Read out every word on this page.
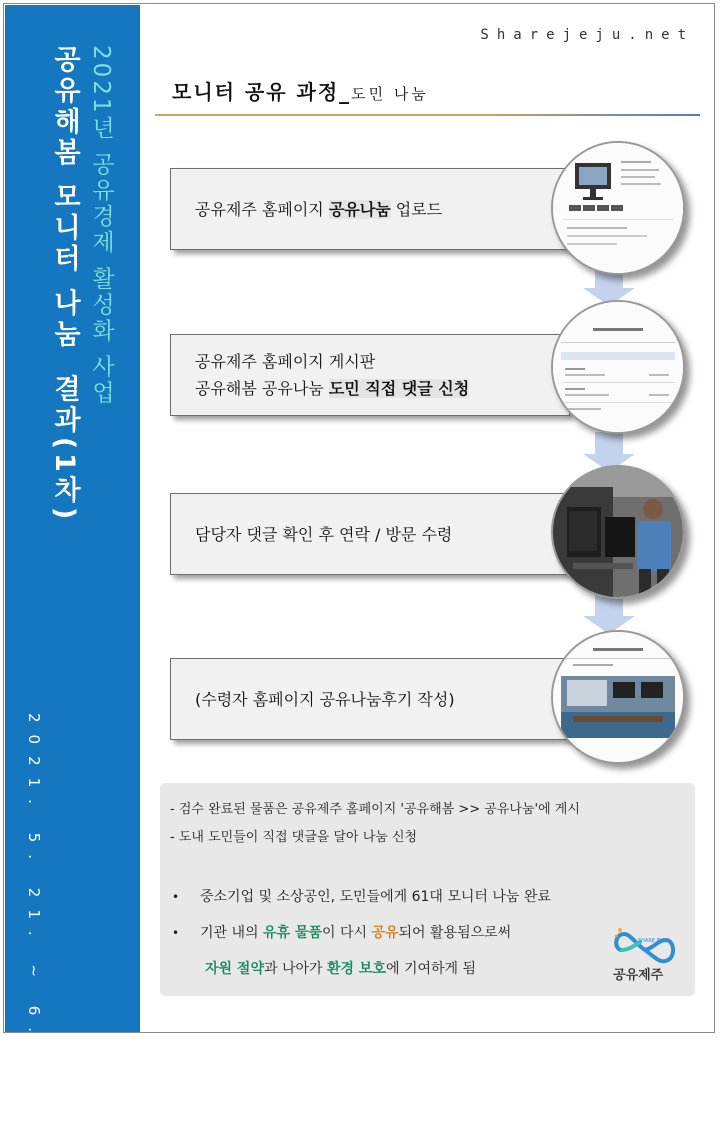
2021년 공유경제 활성화 사업
공유해봄 모니터 나눔결과(1차)
2021. 5. 21. ~ 6. 24.
Sharejeju.net
모니터 공유 과정_도민 나눔
공유제주 홈페이지 공유나눔 업로드
공유제주 홈페이지 게시판
공유해봄 공유나눔 도민 직접 댓글 신청
담당자 댓글 확인 후 연락 / 방문 수령
(수령자 홈페이지 공유나눔후기 작성)
- 검수 완료된 물품은 공유제주 홈페이지 '공유해봄 >> 공유나눔'에 게시
- 도내 도민들이 직접 댓글을 달아 나눔 신청
• 중소기업 및 소상공인, 도민들에게 61대 모니터 나눔 완료
• 기관 내의 유휴 물품이 다시 공유되어 활용됨으로써
자원 절약과 나아가 환경 보호에 기여하게 됨
SHARE JEJU
공유제주
